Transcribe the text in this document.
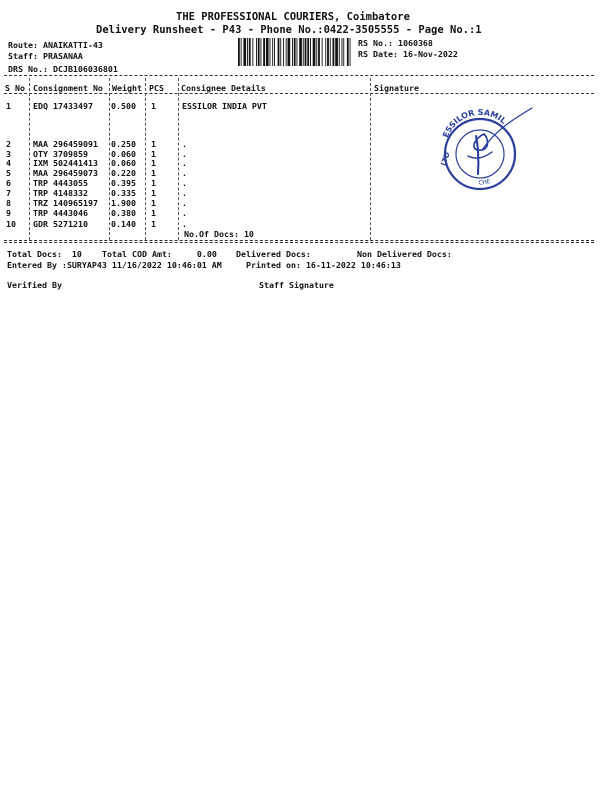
THE PROFESSIONAL COURIERS, Coimbatore
Delivery Runsheet - P43 - Phone No.:0422-3505555 - Page No.:1
Route: ANAIKATTI-43
Staff: PRASANAA
DRS No.: DCJB106036801
RS No.: 1060368
RS Date: 16-Nov-2022
S No Consignment No Weight PCS Consignee Details	Signature
1	EDQ 17433497 0.500 1	ESSILOR INDIA PVT
2	MAA 296459091 0.250 1	.
3	OTY 3709859	0.060 1	.
4	IXM 502441413 0.060 1	.
5	MAA 296459073 0.220 1	.
6	TRP 4443055	0.395 1	.
7	TRP 4148332	0.335 1	.
8	TRZ 140965197 1.900 1	.
9	TRP 4443046	0.380 1	.
10 GDR 5271210	0.140 1	.
No.Of Docs: 10
ESSILOR SAMIL
CHE
LTD
Total Docs:  10 Total COD Amt:     0.00 Delivered Docs:	Non Delivered Docs:
Entered By :SURYAP43 11/16/2022 10:46:01 AM	Printed on: 16-11-2022 10:46:13
Verified By	Staff Signature
